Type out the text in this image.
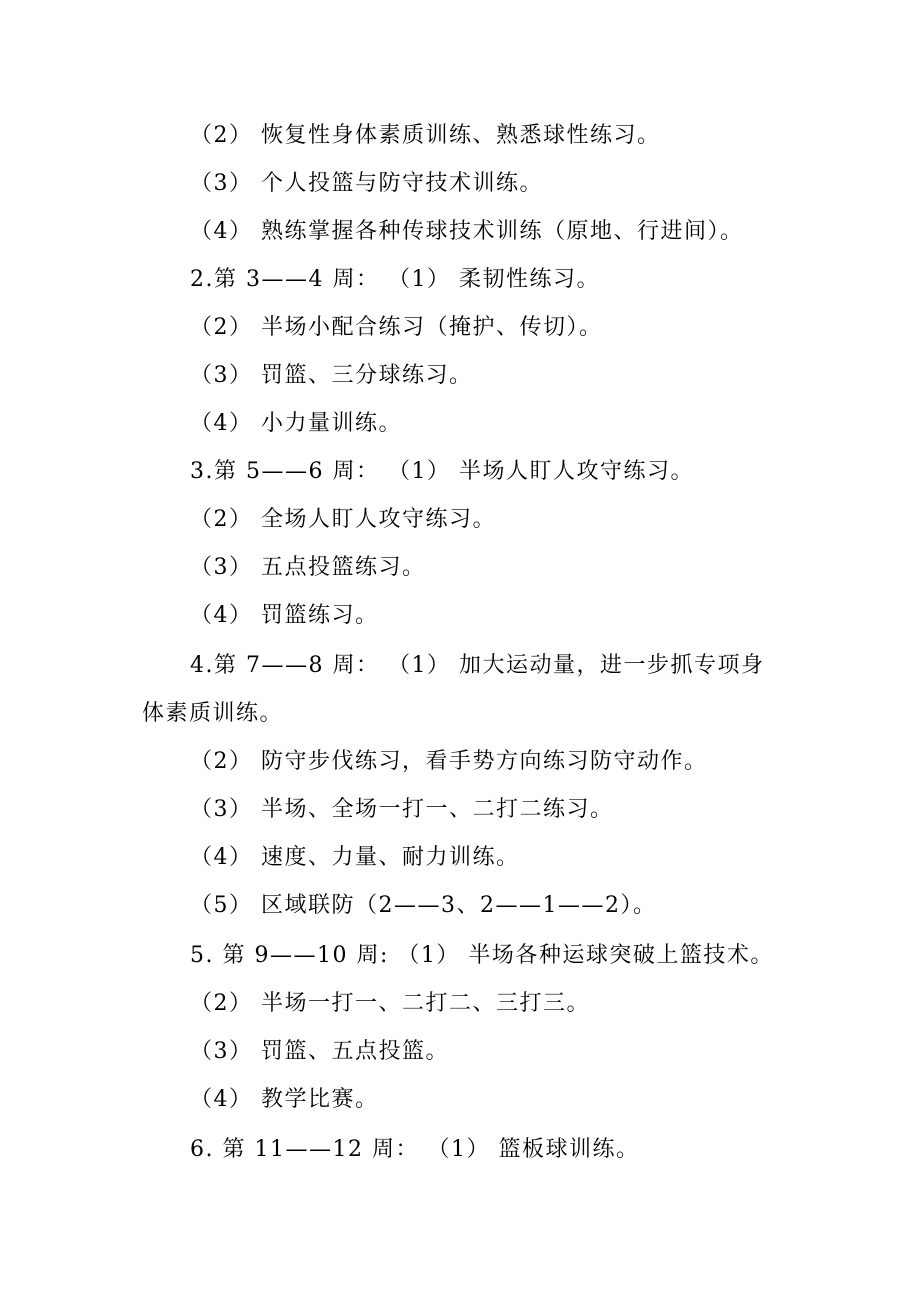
（2） 恢复性身体素质训练、熟悉球性练习。
（3） 个人投篮与防守技术训练。
（4） 熟练掌握各种传球技术训练（原地、行进间）。
2.第 3——4 周： （1） 柔韧性练习。
（2） 半场小配合练习（掩护、传切）。
（3） 罚篮、三分球练习。
（4） 小力量训练。
3.第 5——6 周： （1） 半场人盯人攻守练习。
（2） 全场人盯人攻守练习。
（3） 五点投篮练习。
（4） 罚篮练习。
4.第 7——8 周： （1） 加大运动量，进一步抓专项身
体素质训练。
（2） 防守步伐练习，看手势方向练习防守动作。
（3） 半场、全场一打一、二打二练习。
（4） 速度、力量、耐力训练。
（5） 区域联防（2——3、2——1——2）。
5. 第 9——10 周: （1） 半场各种运球突破上篮技术。
（2） 半场一打一、二打二、三打三。
（3） 罚篮、五点投篮。
（4） 教学比赛。
6. 第 11——12 周： （1） 篮板球训练。
